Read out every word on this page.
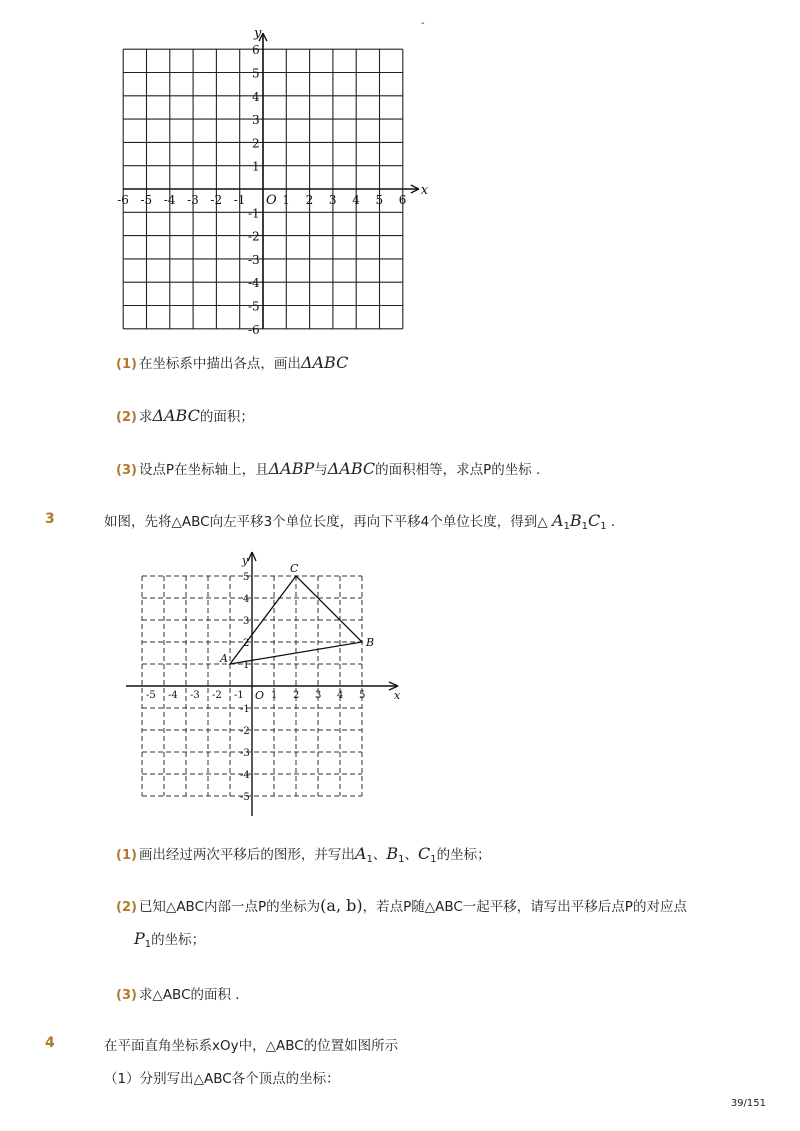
-
x
y
O
-6 -5 -4 -3 -2 -1	1 2 3 4 5 6
1
2
3
4
5
6
-1
-2
-3
-4
-5
-6
(1) 在坐标系中描出各点，画出ΔABC
(2) 求ΔABC的面积；
(3) 设点P在坐标轴上，且ΔABP与ΔABC的面积相等，求点P的坐标 .
3	如图，先将△ABC向左平移3个单位长度，再向下平移4个单位长度，得到△ $A_1B_1C_1$ .
x
y
O
-5 -4 -3 -2 -1	1 2 3 4 5
1
2
3
4
5
-1
-2
-3
-4
-5
A
B
C
(1) 画出经过两次平移后的图形，并写出$A_1$、$B_1$、$C_1$的坐标；
(2) 已知△ABC内部一点P的坐标为(a, b)，若点P随△ABC一起平移，请写出平移后点P的对应点
$P_1$的坐标；
(3) 求△ABC的面积 .
4	在平面直角坐标系xOy中，△ABC的位置如图所示
（1）分别写出△ABC各个顶点的坐标：
39/151
